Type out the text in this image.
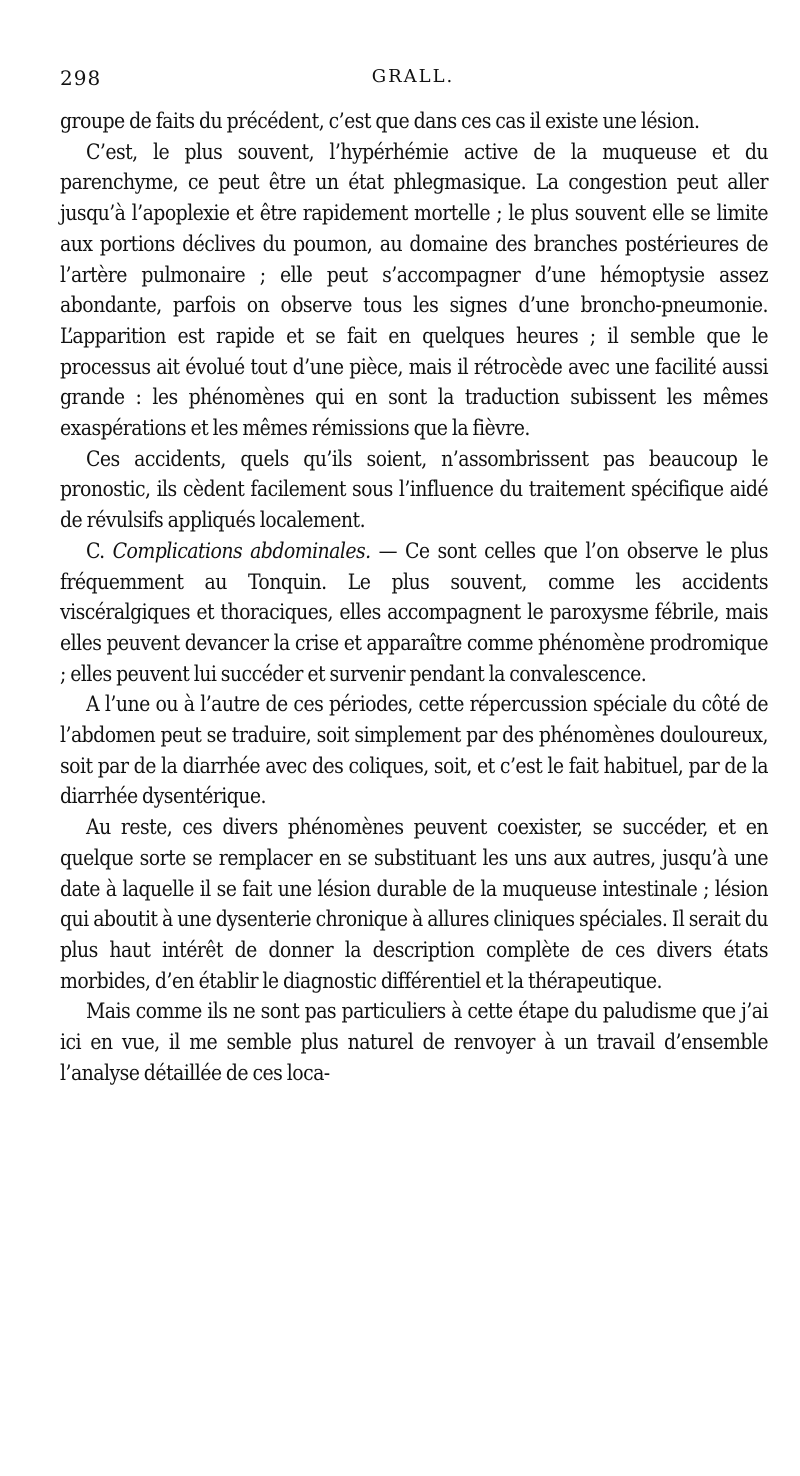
298	GRALL.

groupe de faits du précédent, c’est que dans ces cas il existe une lésion.

C’est, le plus souvent, l’hypérhémie active de la muqueuse et du parenchyme, ce peut être un état phlegmasique. La congestion peut aller jusqu’à l’apoplexie et être rapidement mortelle ; le plus souvent elle se limite aux portions déclives du poumon, au domaine des branches postérieures de l’artère pulmonaire ; elle peut s’accompagner d’une hémoptysie assez abondante, parfois on observe tous les signes d’une broncho-pneumonie. L’apparition est rapide et se fait en quelques heures ; il semble que le processus ait évolué tout d’une pièce, mais il rétrocède avec une facilité aussi grande : les phénomènes qui en sont la traduction subissent les mêmes exaspérations et les mêmes rémissions que la fièvre.

Ces accidents, quels qu’ils soient, n’assombrissent pas beaucoup le pronostic, ils cèdent facilement sous l’influence du traitement spécifique aidé de révulsifs appliqués localement.

C. Complications abdominales. — Ce sont celles que l’on observe le plus fréquemment au Tonquin. Le plus souvent, comme les accidents viscéralgiques et thoraciques, elles accompagnent le paroxysme fébrile, mais elles peuvent devancer la crise et apparaître comme phénomène prodromique ; elles peuvent lui succéder et survenir pendant la convalescence.

A l’une ou à l’autre de ces périodes, cette répercussion spéciale du côté de l’abdomen peut se traduire, soit simplement par des phénomènes douloureux, soit par de la diarrhée avec des coliques, soit, et c’est le fait habituel, par de la diarrhée dysentérique.

Au reste, ces divers phénomènes peuvent coexister, se succéder, et en quelque sorte se remplacer en se substituant les uns aux autres, jusqu’à une date à laquelle il se fait une lésion durable de la muqueuse intestinale ; lésion qui aboutit à une dysenterie chronique à allures cliniques spéciales. Il serait du plus haut intérêt de donner la description complète de ces divers états morbides, d’en établir le diagnostic différentiel et la thérapeutique.

Mais comme ils ne sont pas particuliers à cette étape du paludisme que j’ai ici en vue, il me semble plus naturel de renvoyer à un travail d’ensemble l’analyse détaillée de ces loca-
